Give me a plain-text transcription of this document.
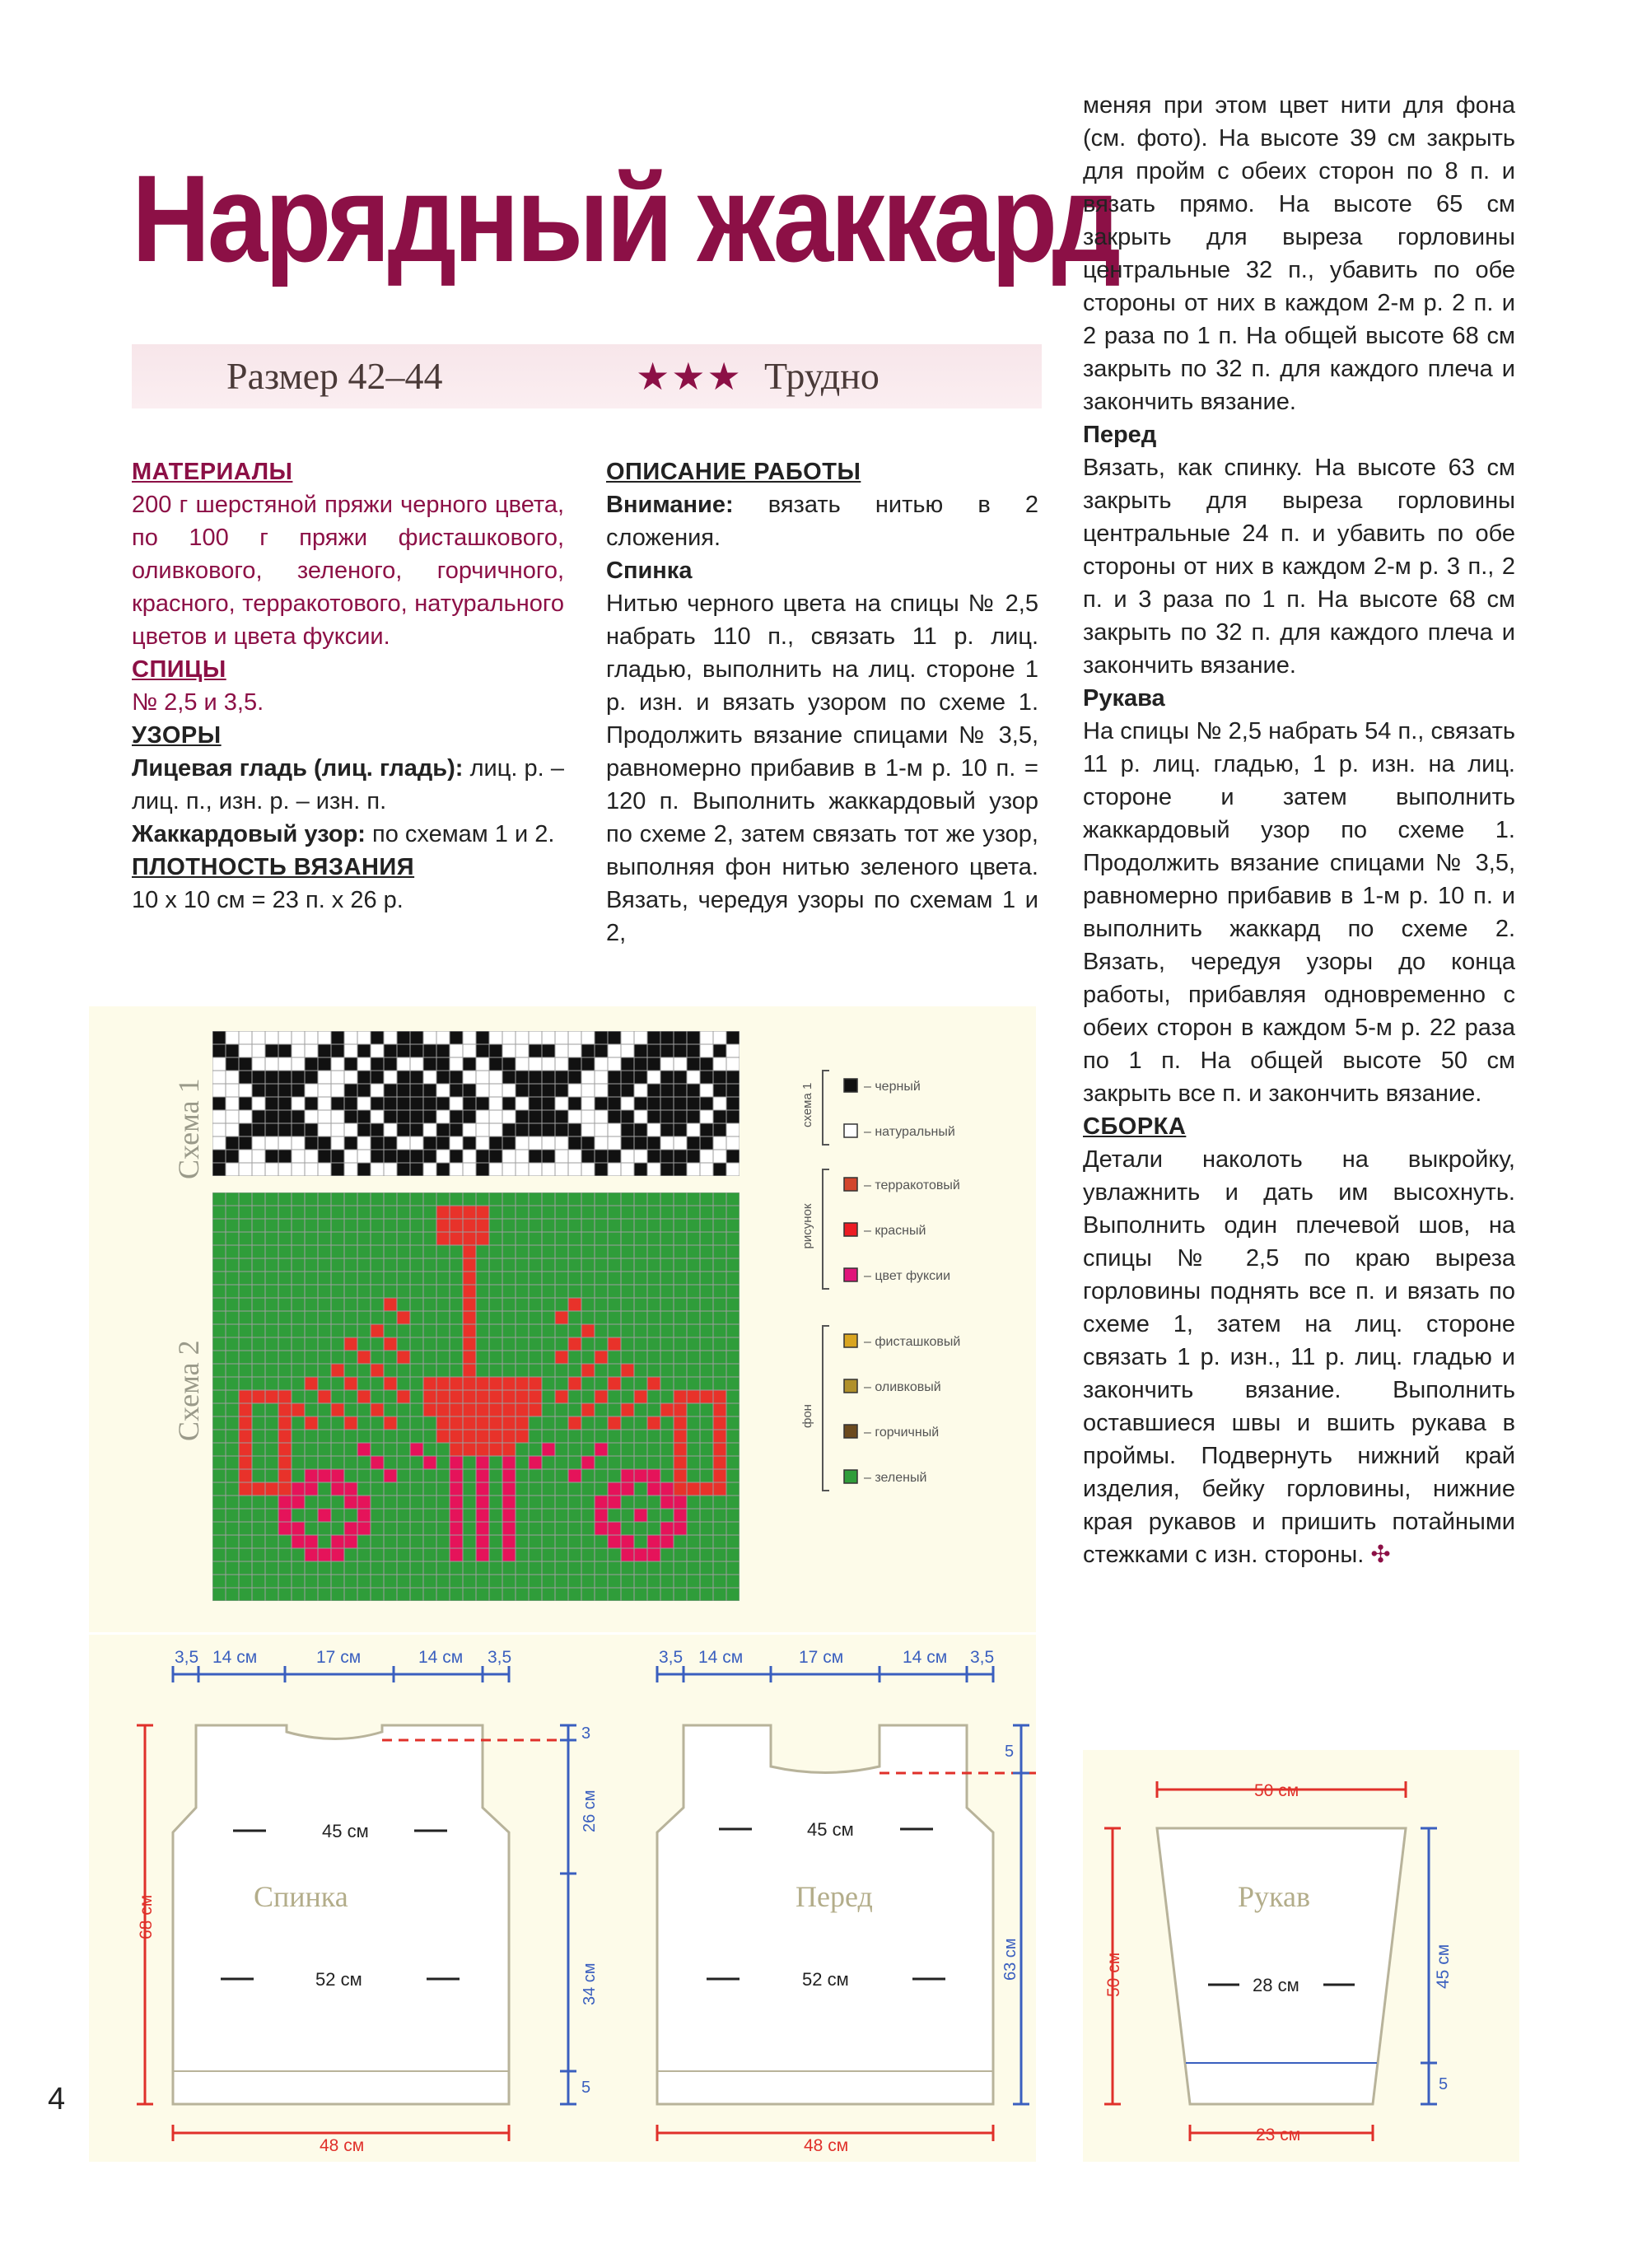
Нарядный жаккард
Размер 42–44	★★★ Трудно

МАТЕРИАЛЫ

200 г шерстяной пряжи черного цвета, по 100 г пряжи фисташкового, оливкового, зеленого, горчичного, красного, терракотового, натурального цветов и цвета фуксии.

СПИЦЫ

№ 2,5 и 3,5.

УЗОРЫ

Лицевая гладь (лиц. гладь): лиц. р. – лиц. п., изн. р. – изн. п.

Жаккардовый узор: по схемам 1 и 2.

ПЛОТНОСТЬ ВЯЗАНИЯ

10 х 10 см = 23 п. х 26 р.

ОПИСАНИЕ РАБОТЫ

Внимание: вязать нитью в 2 сложения.

Спинка

Нитью черного цвета на спицы № 2,5 набрать 110 п., связать 11 р. лиц. гладью, выполнить на лиц. стороне 1 р. изн. и вязать узором по схеме 1. Продолжить вязание спицами № 3,5, равномерно прибавив в 1-м р. 10 п. = 120 п. Выполнить жаккардовый узор по схеме 2, затем связать тот же узор, выполняя фон нитью зеленого цвета. Вязать, чередуя узоры по схемам 1 и 2,

меняя при этом цвет нити для фона (см. фото). На высоте 39 см закрыть для пройм с обеих сторон по 8 п. и вязать прямо. На высоте 65 см закрыть для выреза горловины центральные 32 п., убавить по обе стороны от них в каждом 2-м р. 2 п. и 2 раза по 1 п. На общей высоте 68 см закрыть по 32 п. для каждого плеча и закончить вязание.

Перед

Вязать, как спинку. На высоте 63 см закрыть для выреза горловины центральные 24 п. и убавить по обе стороны от них в каждом 2-м р. 3 п., 2 п. и 3 раза по 1 п. На высоте 68 см закрыть по 32 п. для каждого плеча и закончить вязание.

Рукава

На спицы № 2,5 набрать 54 п., связать 11 р. лиц. гладью, 1 р. изн. на лиц. стороне и затем выполнить жаккардовый узор по схеме 1. Продолжить вязание спицами № 3,5, равномерно прибавив в 1-м р. 10 п. и выполнить жаккард по схеме 2. Вязать, чередуя узоры до конца работы, прибавляя одновременно с обеих сторон в каждом 5-м р. 22 раза по 1 п. На общей высоте 50 см закрыть все п. и закончить вязание.

СБОРКА

Детали наколоть на выкройку, увлажнить и дать им высохнуть. Выполнить один плечевой шов, на спицы № 2,5 по краю выреза горловины поднять все п. и вязать по схеме 1, затем на лиц. стороне связать 1 р. изн., 11 р. лиц. гладью и закончить вязание. Выполнить оставшиеся швы и вшить рукава в проймы. Подвернуть нижний край изделия, бейку горловины, нижние края рукавов и пришить потайными стежками с изн. стороны. ✣

Схема 1
Схема 2
– черный
– натуральный
– терракотовый
– красный
– цвет фуксии
– фисташковый
– оливковый
– горчичный
– зеленый
схема 1
рисунок
фон
3,5 14 см	17 см	14 см 3,5
Спинка
45 см
52 см
48 см
68 см
3
26 см
34 см
5
3,5 14 см	17 см	14 см 3,5
Перед
45 см
52 см
48 см
5
63 см
50 см
Рукав
28 см
50 см	45 см
5
23 см
4
